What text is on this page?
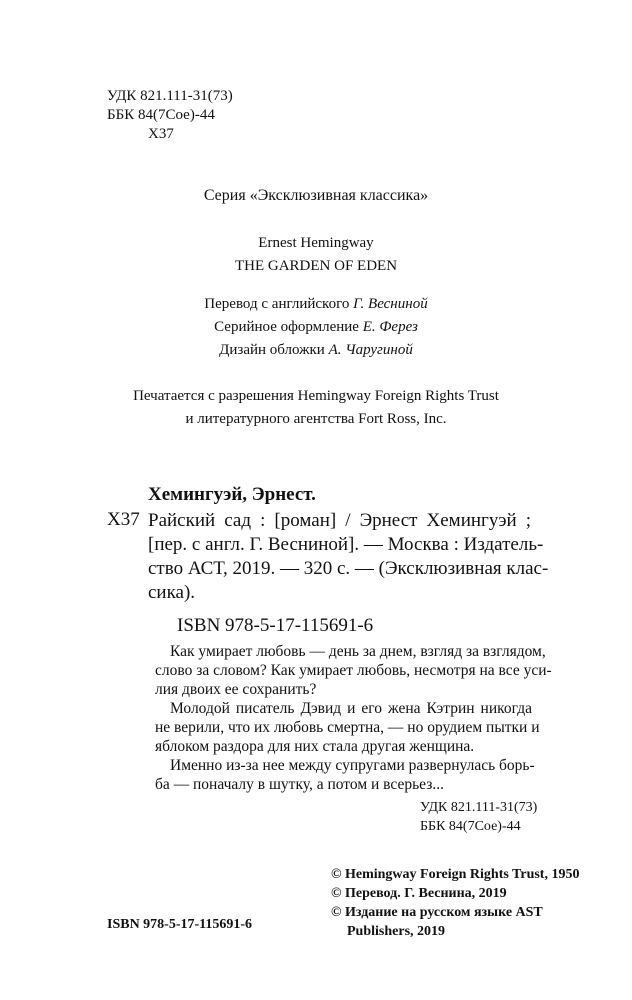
УДК 821.111-31(73)
ББК 84(7Сое)-44
Х37
Серия «Эксклюзивная классика»
Ernest Hemingway
THE GARDEN OF EDEN
Перевод с английского Г. Весниной
Серийное оформление Е. Ферез
Дизайн обложки А. Чаругиной
Печатается с разрешения Hemingway Foreign Rights Trust
и литературного агентства Fort Ross, Inc.
Хемингуэй, Эрнест.
Х37 Райский сад : [роман] / Эрнест Хемингуэй ;
[пер. с англ. Г. Весниной]. — Москва : Издатель-
ство АСТ, 2019. — 320 с. — (Эксклюзивная клас-
сика).
ISBN 978-5-17-115691-6
Как умирает любовь — день за днем, взгляд за взглядом,
слово за словом? Как умирает любовь, несмотря на все уси-
лия двоих ее сохранить?
Молодой писатель Дэвид и его жена Кэтрин никогда
не верили, что их любовь смертна, — но орудием пытки и
яблоком раздора для них стала другая женщина.
Именно из-за нее между супругами развернулась борь-
ба — поначалу в шутку, а потом и всерьез...
УДК 821.111-31(73)
ББК 84(7Сое)-44
© Hemingway Foreign Rights Trust, 1950
© Перевод. Г. Веснина, 2019
© Издание на русском языке AST
Publishers, 2019
ISBN 978-5-17-115691-6
